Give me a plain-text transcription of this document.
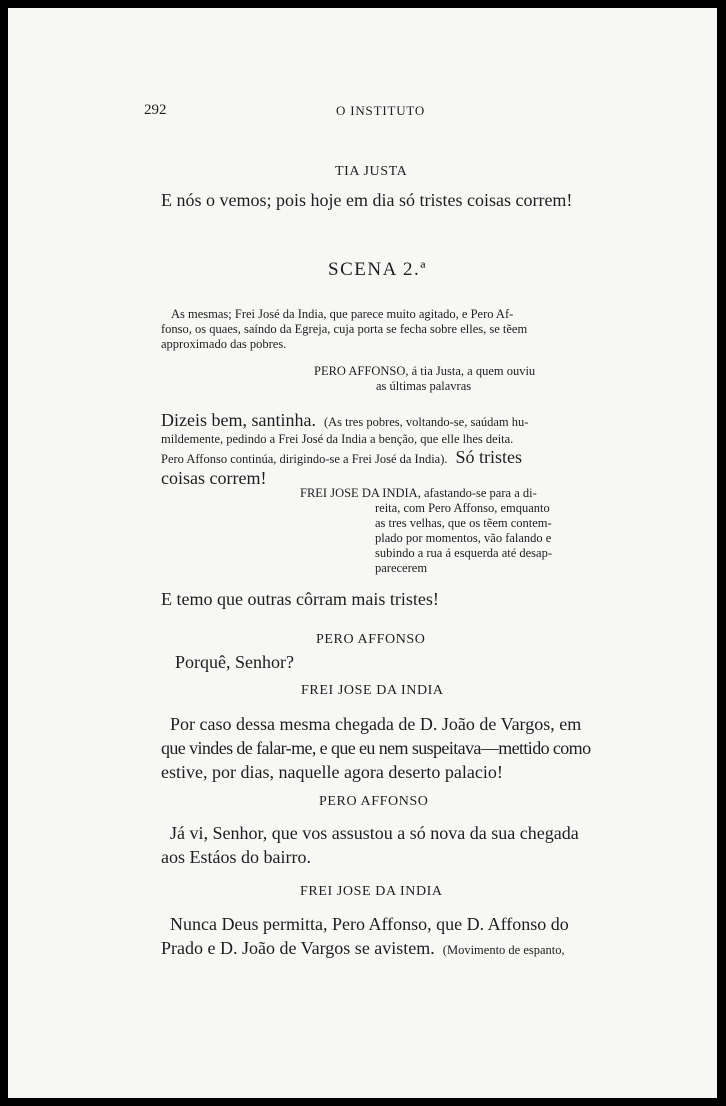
292	O INSTITUTO
TIA JUSTA
E nós o vemos; pois hoje em dia só tristes coisas correm!
SCENA 2.ª
As mesmas; Frei José da India, que parece muito agitado, e Pero Af-
fonso, os quaes, saíndo da Egreja, cuja porta se fecha sobre elles, se tẽem
approximado das pobres.
PERO AFFONSO, á tia Justa, a quem ouviu
as últimas palavras
Dizeis bem, santinha. (As tres pobres, voltando-se, saúdam hu-
mildemente, pedindo a Frei José da India a benção, que elle lhes deita.
Pero Affonso continúa, dirigindo-se a Frei José da India). Só tristes
coisas correm!
FREI JOSE DA INDIA, afastando-se para a di-
reita, com Pero Affonso, emquanto
as tres velhas, que os tẽem contem-
plado por momentos, vão falando e
subindo a rua á esquerda até desap-
parecerem
E temo que outras côrram mais tristes!
PERO AFFONSO
Porquê, Senhor?
FREI JOSE DA INDIA
Por caso dessa mesma chegada de D. João de Vargos, em
que vindes de falar-me, e que eu nem suspeitava—mettido como
estive, por dias, naquelle agora deserto palacio!
PERO AFFONSO
Já vi, Senhor, que vos assustou a só nova da sua chegada
aos Estáos do bairro.
FREI JOSE DA INDIA
Nunca Deus permitta, Pero Affonso, que D. Affonso do
Prado e D. João de Vargos se avistem. (Movimento de espanto,
